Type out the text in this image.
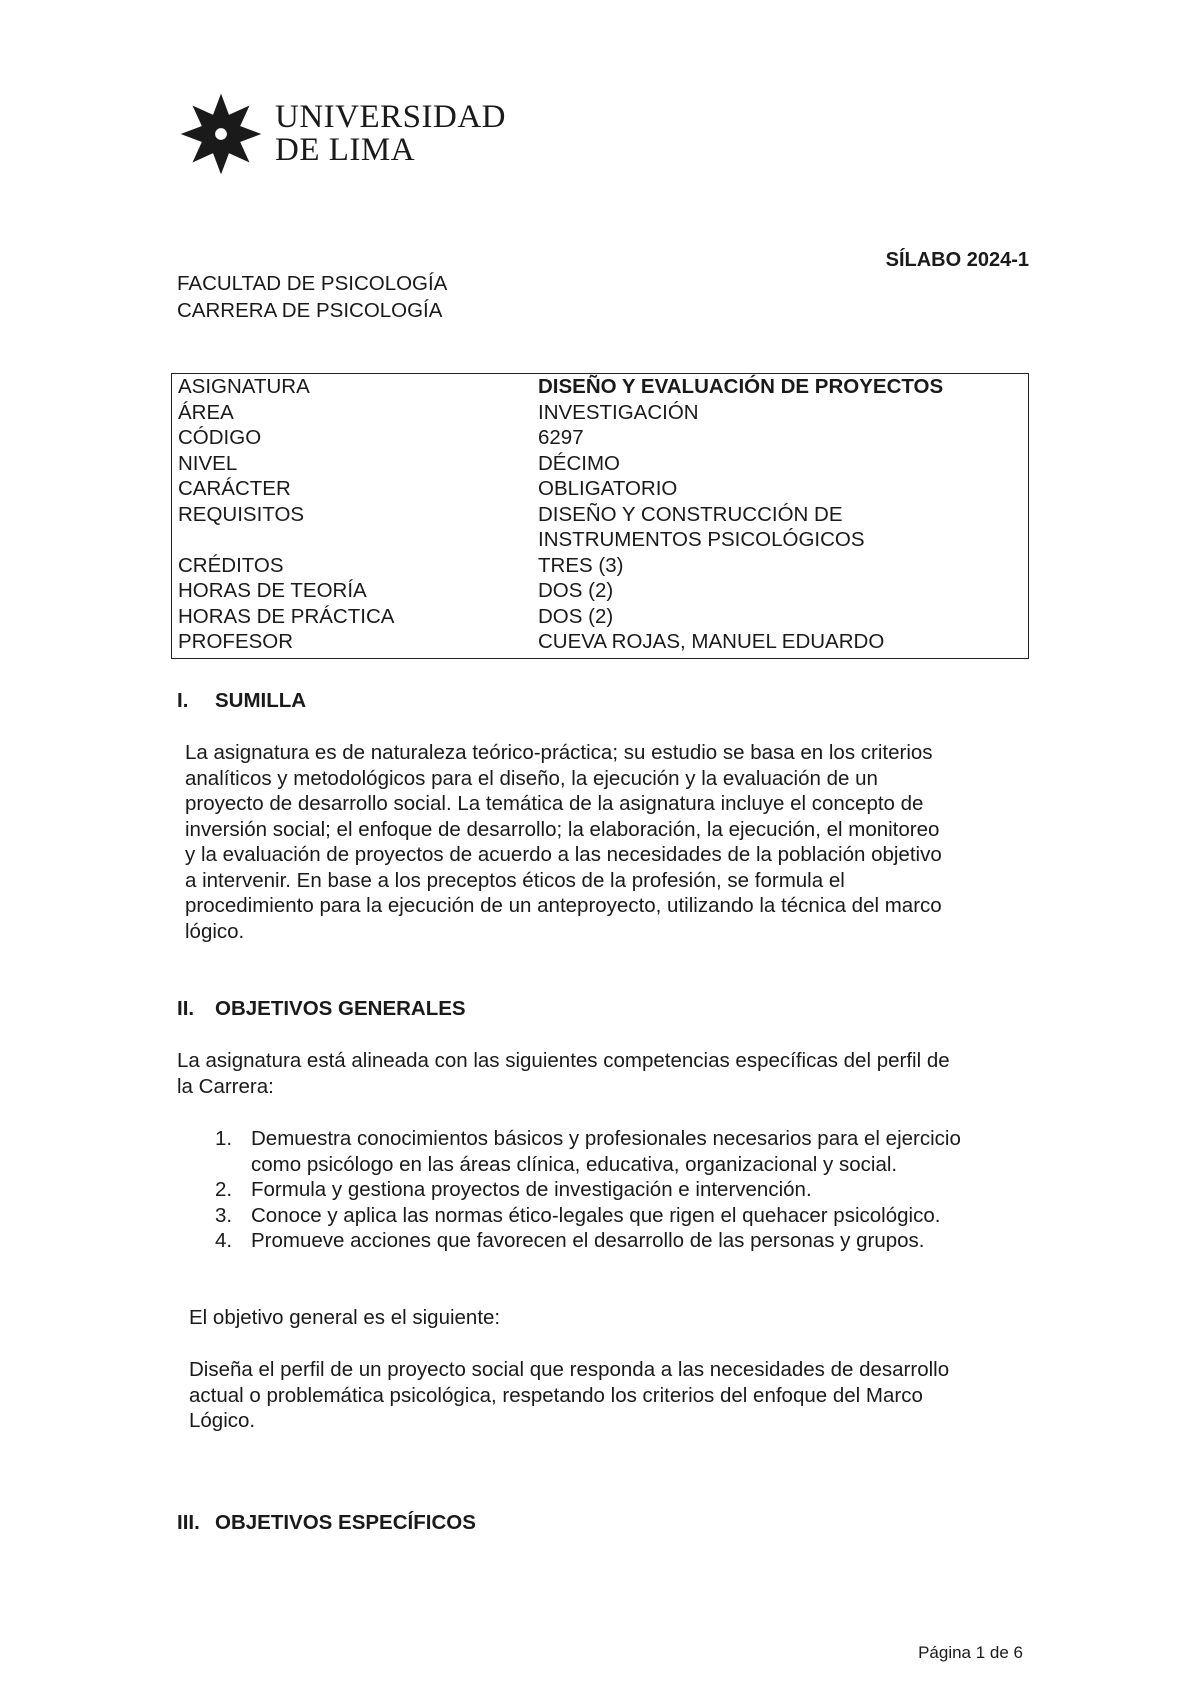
UNIVERSIDAD
DE LIMA
SÍLABO 2024-1
FACULTAD DE PSICOLOGÍA
CARRERA DE PSICOLOGÍA
ASIGNATURA	DISEÑO Y EVALUACIÓN DE PROYECTOS
ÁREA	INVESTIGACIÓN
CÓDIGO	6297
NIVEL	DÉCIMO
CARÁCTER	OBLIGATORIO
REQUISITOS	DISEÑO Y CONSTRUCCIÓN DE
INSTRUMENTOS PSICOLÓGICOS
CRÉDITOS	TRES (3)
HORAS DE TEORÍA	DOS (2)
HORAS DE PRÁCTICA	DOS (2)
PROFESOR	CUEVA ROJAS, MANUEL EDUARDO
I. SUMILLA
La asignatura es de naturaleza teórico-práctica; su estudio se basa en los criterios
analíticos y metodológicos para el diseño, la ejecución y la evaluación de un
proyecto de desarrollo social. La temática de la asignatura incluye el concepto de
inversión social; el enfoque de desarrollo; la elaboración, la ejecución, el monitoreo
y la evaluación de proyectos de acuerdo a las necesidades de la población objetivo
a intervenir. En base a los preceptos éticos de la profesión, se formula el
procedimiento para la ejecución de un anteproyecto, utilizando la técnica del marco
lógico.
II. OBJETIVOS GENERALES
La asignatura está alineada con las siguientes competencias específicas del perfil de
la Carrera:
1. Demuestra conocimientos básicos y profesionales necesarios para el ejercicio
como psicólogo en las áreas clínica, educativa, organizacional y social.
2. Formula y gestiona proyectos de investigación e intervención.
3. Conoce y aplica las normas ético-legales que rigen el quehacer psicológico.
4. Promueve acciones que favorecen el desarrollo de las personas y grupos.
El objetivo general es el siguiente:
Diseña el perfil de un proyecto social que responda a las necesidades de desarrollo
actual o problemática psicológica, respetando los criterios del enfoque del Marco
Lógico.
III. OBJETIVOS ESPECÍFICOS
Página 1 de 6
